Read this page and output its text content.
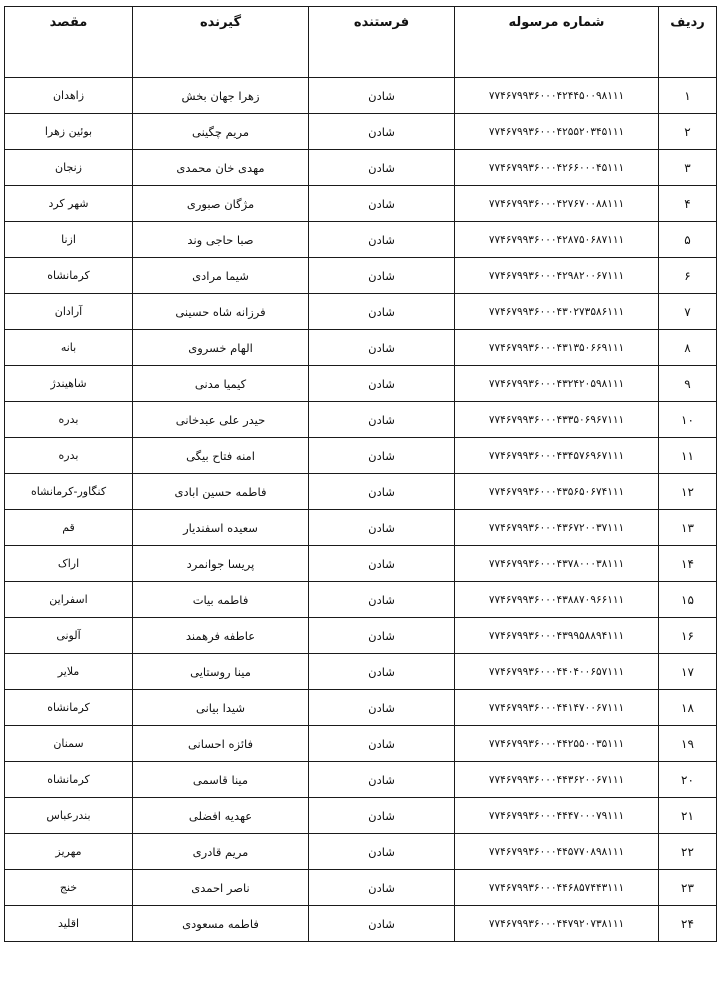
ردیف	شماره مرسوله	فرستنده	گیرنده	مقصد
۱	۷۷۴۶۷۹۹۳۶۰۰۰۴۲۴۴۵۰۰۹۸۱۱۱	شادن	زهرا جهان بخش	زاهدان
۲	۷۷۴۶۷۹۹۳۶۰۰۰۴۲۵۵۲۰۳۴۵۱۱۱	شادن	مریم چگینی	بوئین زهرا
۳	۷۷۴۶۷۹۹۳۶۰۰۰۴۲۶۶۰۰۰۴۵۱۱۱	شادن	مهدی خان محمدی	زنجان
۴	۷۷۴۶۷۹۹۳۶۰۰۰۴۲۷۶۷۰۰۸۸۱۱۱	شادن	مژگان صبوری	شهر کرد
۵	۷۷۴۶۷۹۹۳۶۰۰۰۴۲۸۷۵۰۶۸۷۱۱۱	شادن	صبا حاجی وند	ازنا
۶	۷۷۴۶۷۹۹۳۶۰۰۰۴۲۹۸۲۰۰۶۷۱۱۱	شادن	شیما مرادی	کرمانشاه
۷	۷۷۴۶۷۹۹۳۶۰۰۰۴۳۰۲۷۳۵۸۶۱۱۱	شادن	فرزانه شاه حسینی	آرادان
۸	۷۷۴۶۷۹۹۳۶۰۰۰۴۳۱۳۵۰۶۶۹۱۱۱	شادن	الهام خسروی	بانه
۹	۷۷۴۶۷۹۹۳۶۰۰۰۴۳۲۴۲۰۵۹۸۱۱۱	شادن	کیمیا مدنی	شاهیندژ
۱۰	۷۷۴۶۷۹۹۳۶۰۰۰۴۳۳۵۰۶۹۶۷۱۱۱	شادن	حیدر علی عبدخانی	بدره
۱۱	۷۷۴۶۷۹۹۳۶۰۰۰۴۳۴۵۷۶۹۶۷۱۱۱	شادن	امنه فتاح بیگی	بدره
۱۲	۷۷۴۶۷۹۹۳۶۰۰۰۴۳۵۶۵۰۶۷۴۱۱۱	شادن	فاطمه حسین ابادی	کنگاور-کرمانشاه
۱۳	۷۷۴۶۷۹۹۳۶۰۰۰۴۳۶۷۲۰۰۳۷۱۱۱	شادن	سعیده اسفندیار	قم
۱۴	۷۷۴۶۷۹۹۳۶۰۰۰۴۳۷۸۰۰۰۳۸۱۱۱	شادن	پریسا جوانمرد	اراک
۱۵	۷۷۴۶۷۹۹۳۶۰۰۰۴۳۸۸۷۰۹۶۶۱۱۱	شادن	فاطمه بیات	اسفراین
۱۶	۷۷۴۶۷۹۹۳۶۰۰۰۴۳۹۹۵۸۸۹۴۱۱۱	شادن	عاطفه فرهمند	آلونی
۱۷	۷۷۴۶۷۹۹۳۶۰۰۰۴۴۰۴۰۰۶۵۷۱۱۱	شادن	مینا روستایی	ملایر
۱۸	۷۷۴۶۷۹۹۳۶۰۰۰۴۴۱۴۷۰۰۶۷۱۱۱	شادن	شیدا بیانی	کرمانشاه
۱۹	۷۷۴۶۷۹۹۳۶۰۰۰۴۴۲۵۵۰۰۳۵۱۱۱	شادن	فائزه احسانی	سمنان
۲۰	۷۷۴۶۷۹۹۳۶۰۰۰۴۴۳۶۲۰۰۶۷۱۱۱	شادن	مینا قاسمی	کرمانشاه
۲۱	۷۷۴۶۷۹۹۳۶۰۰۰۴۴۴۷۰۰۰۷۹۱۱۱	شادن	عهدیه افضلی	بندرعباس
۲۲	۷۷۴۶۷۹۹۳۶۰۰۰۴۴۵۷۷۰۸۹۸۱۱۱	شادن	مریم قادری	مهریز
۲۳	۷۷۴۶۷۹۹۳۶۰۰۰۴۴۶۸۵۷۴۴۳۱۱۱	شادن	ناصر احمدی	خنج
۲۴	۷۷۴۶۷۹۹۳۶۰۰۰۴۴۷۹۲۰۷۳۸۱۱۱	شادن	فاطمه مسعودی	اقلید
